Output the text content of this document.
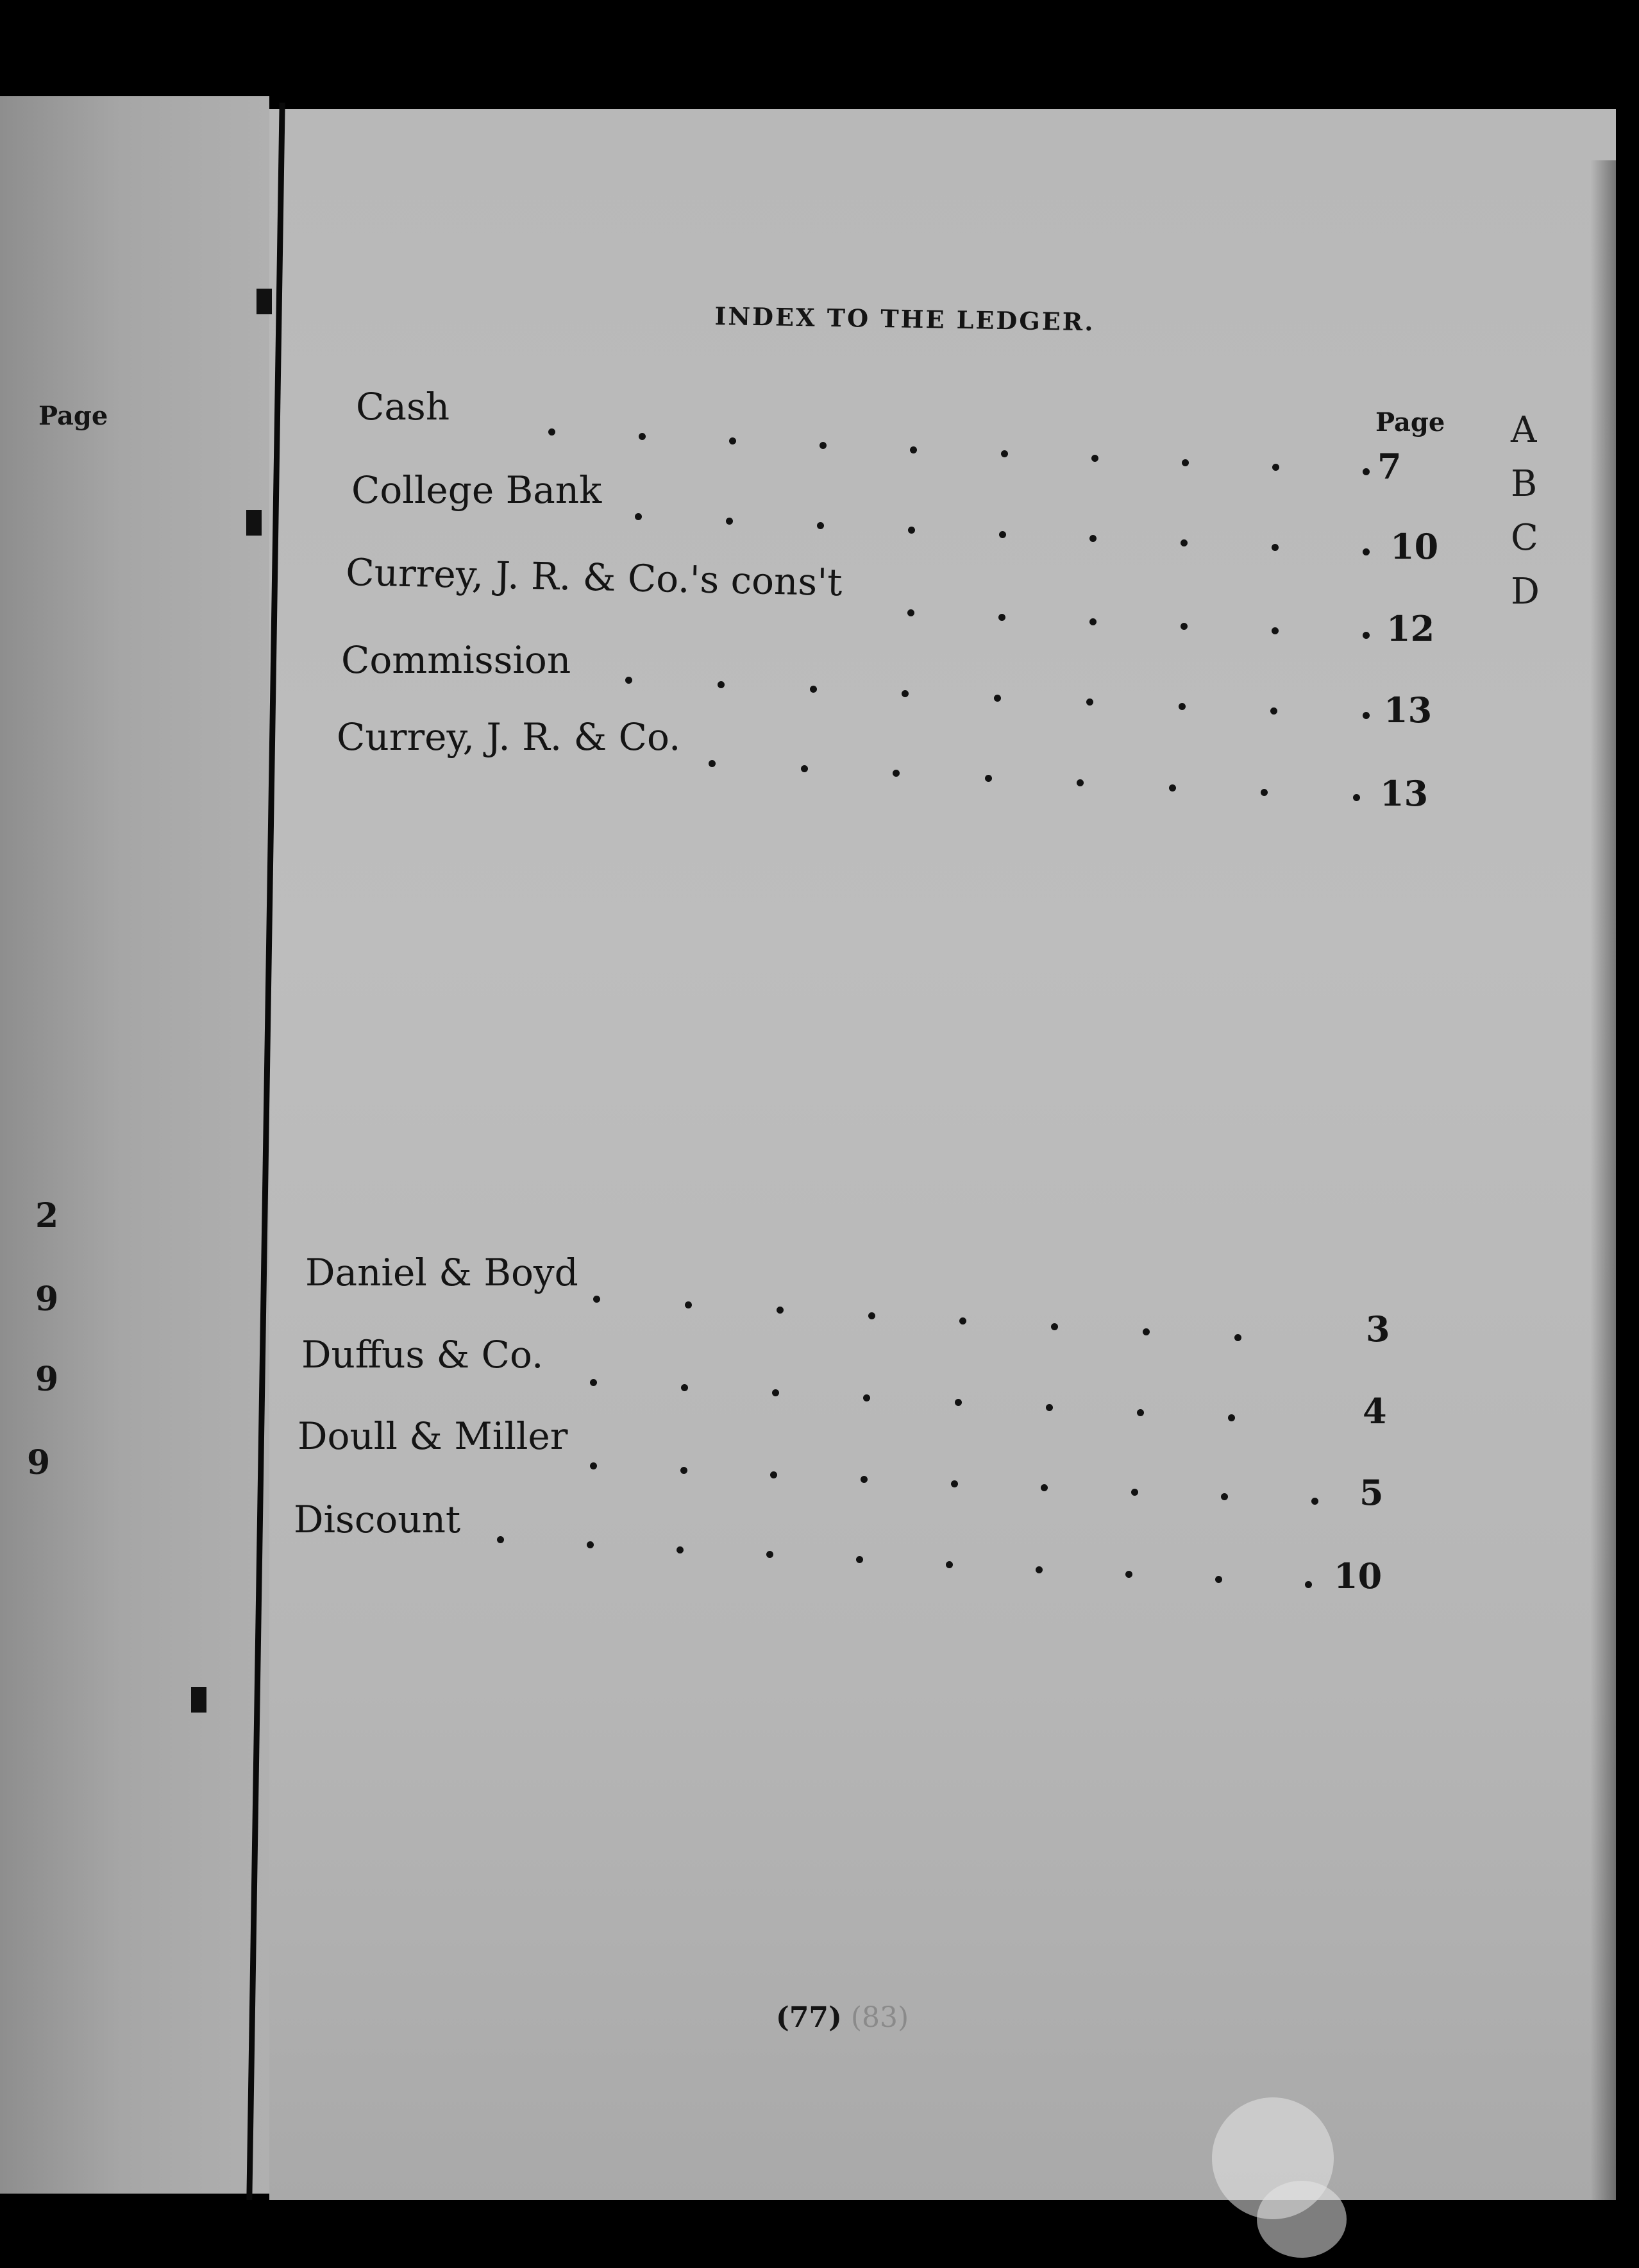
INDEX TO THE LEDGER.
Page	Page A
B
C
D
Cash
7
College Bank
10
Currey, J. R. & Co.'s cons't
12
Commission
13
Currey, J. R. & Co.
13
Daniel & Boyd
3
Duffus & Co.
4
Doull & Miller
5
Discount
10
2
9
9
9
(77) (83)
